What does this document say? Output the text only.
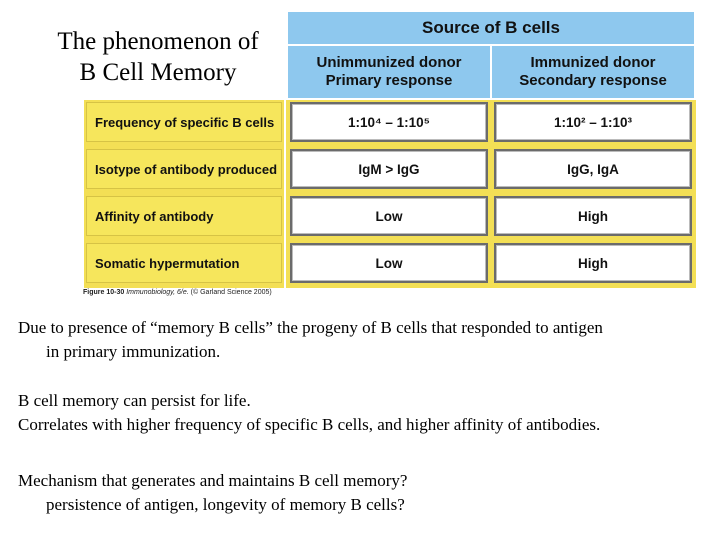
The phenomenon of
B Cell Memory
Source of B cells
Unimmunized donor
Primary response
Immunized donor
Secondary response
Frequency of specific B cells	1:10⁴ – 1:10⁵	1:10² – 1:10³
Isotype of antibody produced	IgM > IgG	IgG, IgA
Affinity of antibody	Low	High
Somatic hypermutation	Low	High
Figure 10-30 Immunobiology, 6/e. (© Garland Science 2005)
Due to presence of “memory B cells” the progeny of B cells that responded to antigen
in primary immunization.
B cell memory can persist for life.
Correlates with higher frequency of specific B cells, and higher affinity of antibodies.
Mechanism that generates and maintains B cell memory?
persistence of antigen, longevity of memory B cells?
